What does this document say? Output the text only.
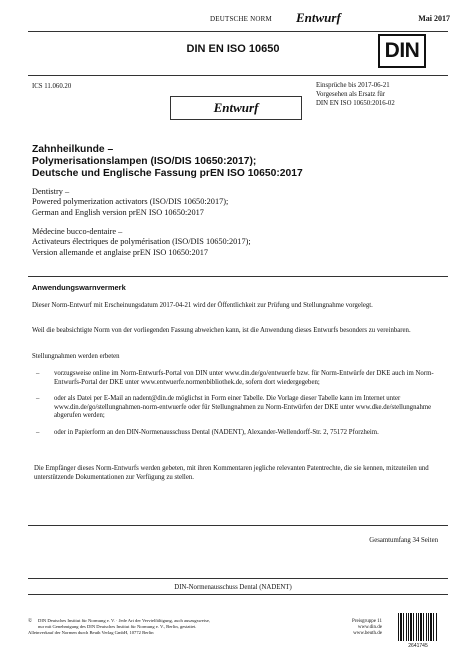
DEUTSCHE NORM Entwurf	Mai 2017
DIN EN ISO 10650	DIN
ICS 11.060.20	Einsprüche bis 2017-06-21
Vorgesehen als Ersatz für
DIN EN ISO 10650:2016-02
Entwurf
Zahnheilkunde –
Polymerisationslampen (ISO/DIS 10650:2017);
Deutsche und Englische Fassung prEN ISO 10650:2017
Dentistry –
Powered polymerization activators (ISO/DIS 10650:2017);
German and English version prEN ISO 10650:2017
Médecine bucco-dentaire –
Activateurs électriques de polymérisation (ISO/DIS 10650:2017);
Version allemande et anglaise prEN ISO 10650:2017
Anwendungswarnvermerk
Dieser Norm-Entwurf mit Erscheinungsdatum 2017-04-21 wird der Öffentlichkeit zur Prüfung und Stellungnahme vorgelegt.
Weil die beabsichtigte Norm von der vorliegenden Fassung abweichen kann, ist die Anwendung dieses Entwurfs besonders zu vereinbaren.
Stellungnahmen werden erbeten
– vorzugsweise online im Norm-Entwurfs-Portal von DIN unter www.din.de/go/entwuerfe bzw. für Norm-Entwürfe der DKE auch im Norm-Entwurfs-Portal der DKE unter www.entwuerfe.normenbibliothek.de, sofern dort wiedergegeben;
– oder als Datei per E-Mail an nadent@din.de möglichst in Form einer Tabelle. Die Vorlage dieser Tabelle kann im Internet unter www.din.de/go/stellungnahmen-norm-entwuerfe oder für Stellungnahmen zu Norm-Entwürfen der DKE unter www.dke.de/stellungnahme abgerufen werden;
– oder in Papierform an den DIN-Normenausschuss Dental (NADENT), Alexander-Wellendorff-Str. 2, 75172 Pforzheim.
Die Empfänger dieses Norm-Entwurfs werden gebeten, mit ihren Kommentaren jegliche relevanten Patentrechte, die sie kennen, mitzuteilen und unterstützende Dokumentationen zur Verfügung zu stellen.
Gesamtumfang 34 Seiten
DIN-Normenausschuss Dental (NADENT)
©	DIN Deutsches Institut für Normung e. V. · Jede Art der Vervielfältigung, auch auszugsweise,
nur mit Genehmigung des DIN Deutsches Institut für Normung e. V., Berlin, gestattet.
Alleinverkauf der Normen durch Beuth Verlag GmbH, 10772 Berlin
Preisgruppe 11
www.din.de
www.beuth.de
2641745
